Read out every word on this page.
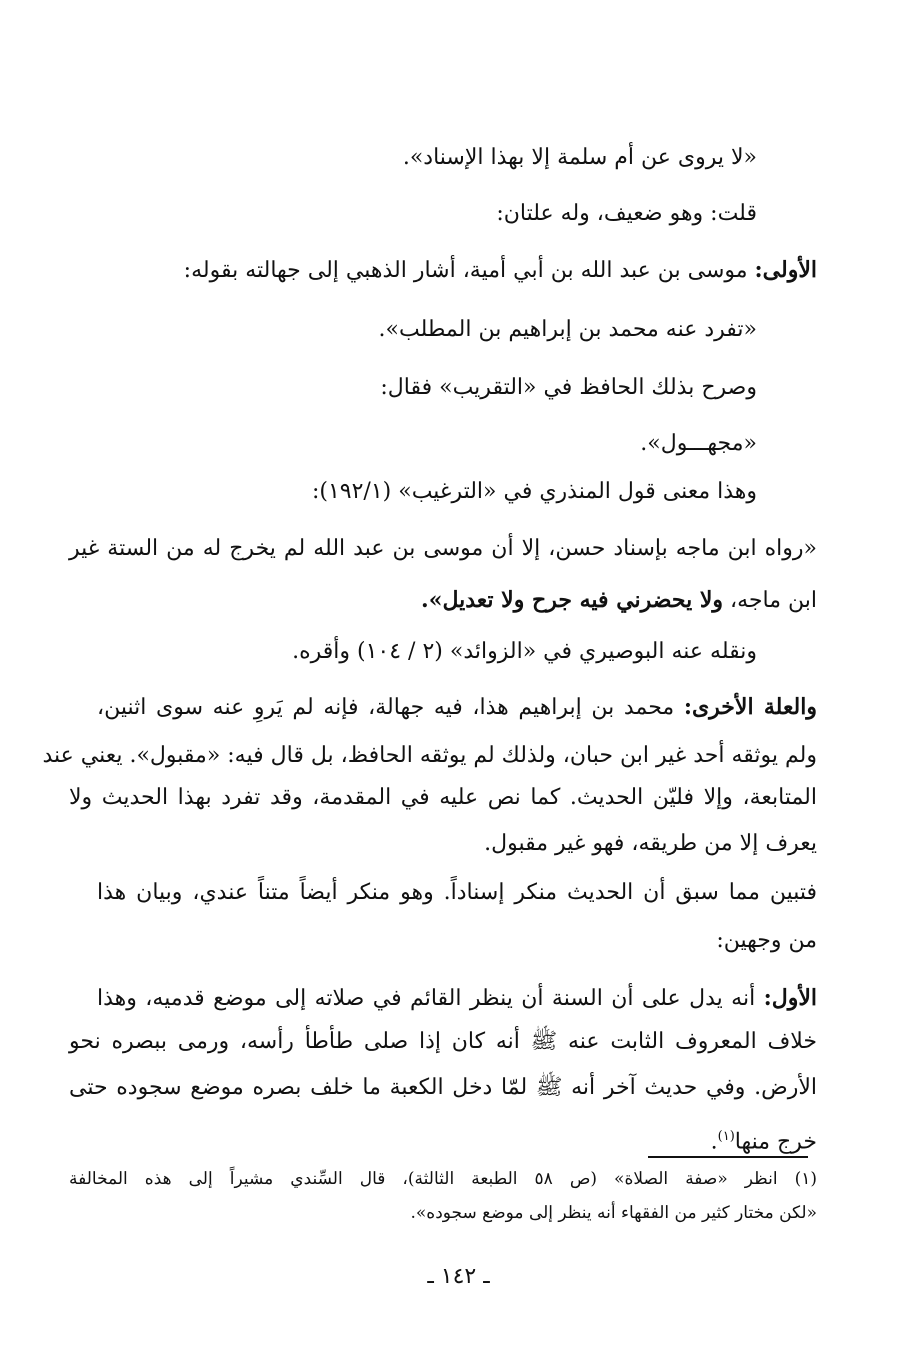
«لا يروى عن أم سلمة إلا بهذا الإسناد».
قلت: وهو ضعيف، وله علتان:
الأولى: موسى بن عبد الله بن أبي أمية، أشار الذهبي إلى جهالته بقوله:
«تفرد عنه محمد بن إبراهيم بن المطلب».
وصرح بذلك الحافظ في «التقريب» فقال:
«مجهـــول».
وهذا معنى قول المنذري في «الترغيب» (١٩٢/١):
«رواه ابن ماجه بإسناد حسن، إلا أن موسى بن عبد الله لم يخرج له من الستة غير
ابن ماجه، ولا يحضرني فيه جرح ولا تعديل».
ونقله عنه البوصيري في «الزوائد» (٢ / ١٠٤) وأقره.
والعلة الأخرى: محمد بن إبراهيم هذا، فيه جهالة، فإنه لم يَروِ عنه سوى اثنين،
ولم يوثقه أحد غير ابن حبان، ولذلك لم يوثقه الحافظ، بل قال فيه: «مقبول». يعني عند
المتابعة، وإلا فليّن الحديث. كما نص عليه في المقدمة، وقد تفرد بهذا الحديث ولا
يعرف إلا من طريقه، فهو غير مقبول.
فتبين مما سبق أن الحديث منكر إسناداً. وهو منكر أيضاً متناً عندي، وبيان هذا
من وجهين:
الأول: أنه يدل على أن السنة أن ينظر القائم في صلاته إلى موضع قدميه، وهذا
خلاف المعروف الثابت عنه ﷺ أنه كان إذا صلى طأطأ رأسه، ورمى ببصره نحو
الأرض. وفي حديث آخر أنه ﷺ لمّا دخل الكعبة ما خلف بصره موضع سجوده حتى
خرج منها$^{(١)}$.
(١) انظر «صفة الصلاة» (ص ٥٨ الطبعة الثالثة)، قال السِّندي مشيراً إلى هذه المخالفة
«لكن مختار كثير من الفقهاء أنه ينظر إلى موضع سجوده».
ـ ١٤٢ ـ
